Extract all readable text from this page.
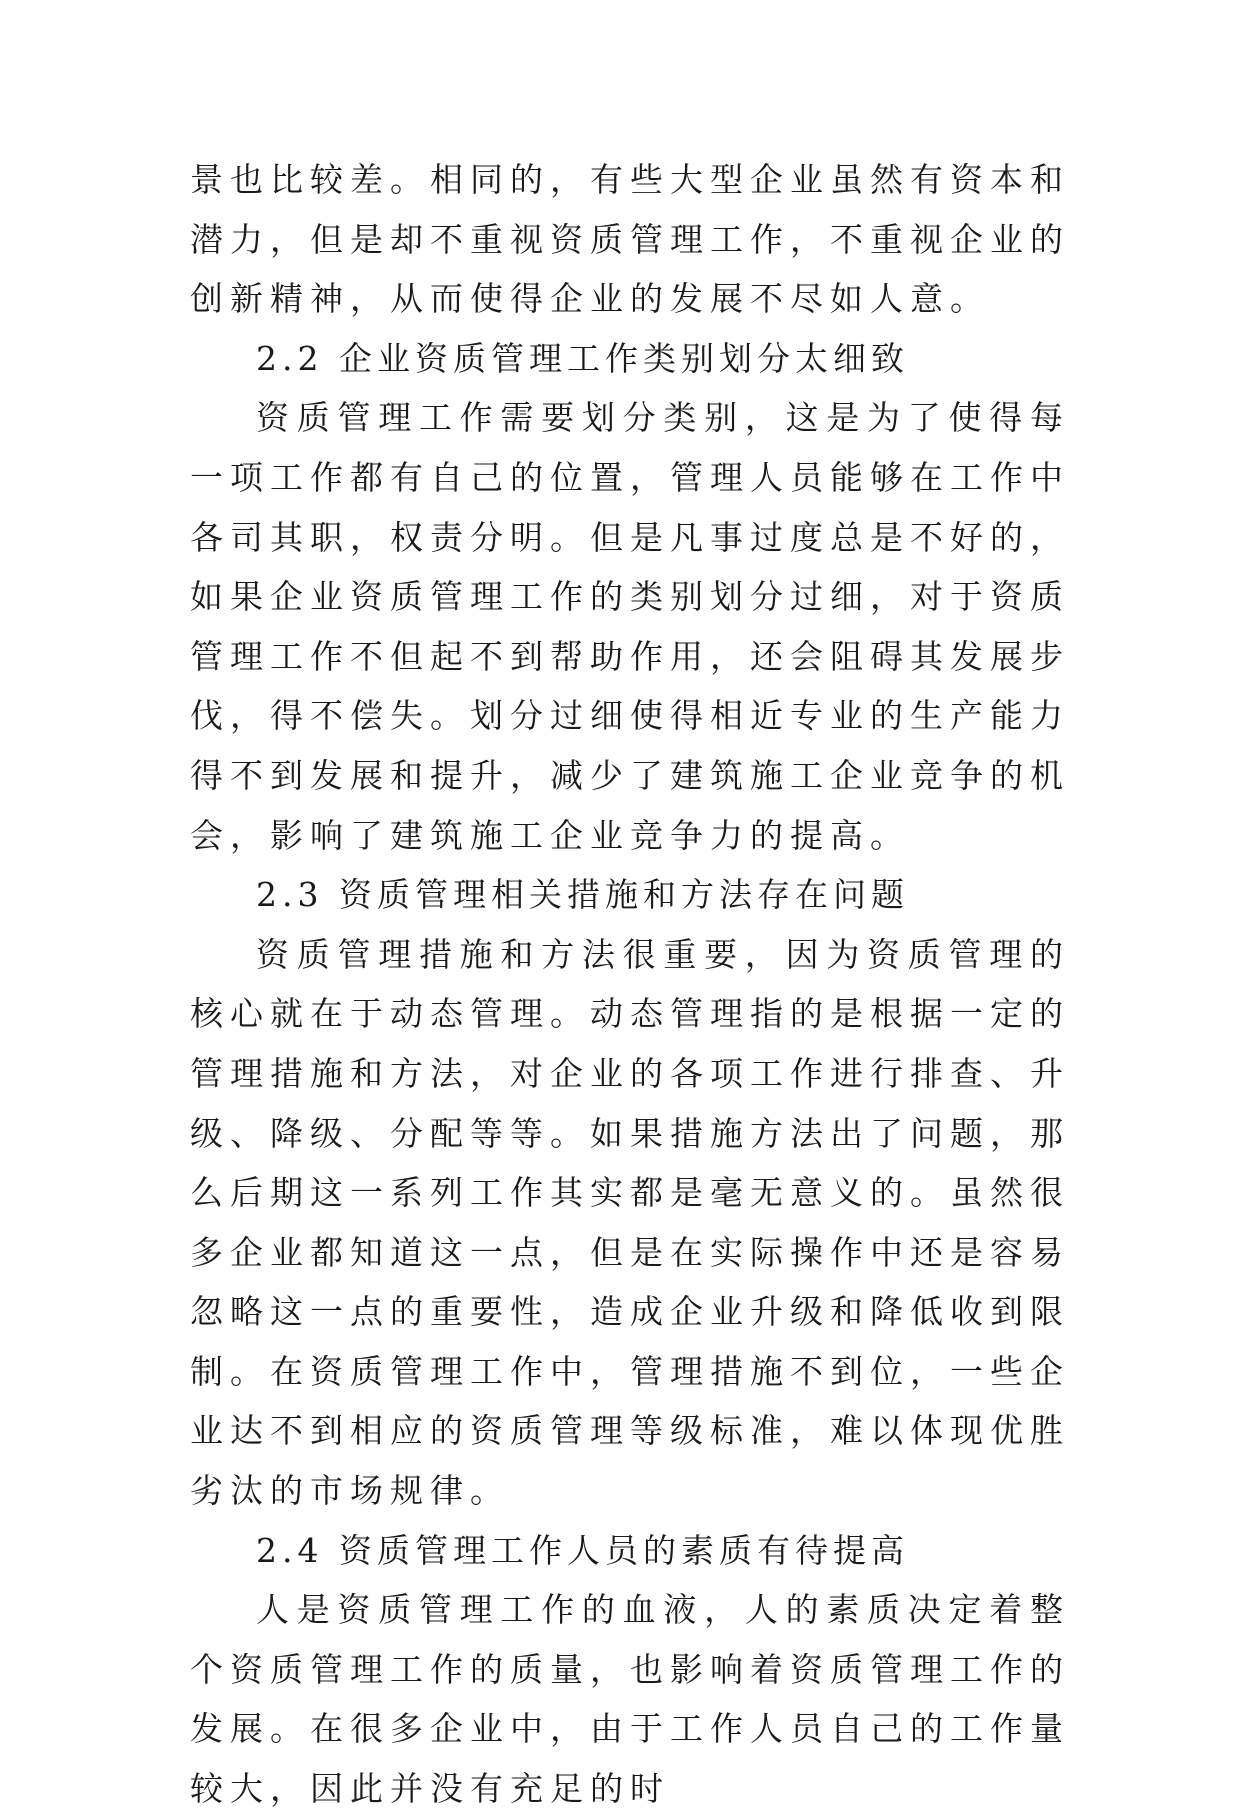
景也比较差。相同的，有些大型企业虽然有资本和潜力，但是却不重视资质管理工作，不重视企业的创新精神，从而使得企业的发展不尽如人意。

2.2 企业资质管理工作类别划分太细致

资质管理工作需要划分类别，这是为了使得每一项工作都有自己的位置，管理人员能够在工作中各司其职，权责分明。但是凡事过度总是不好的，如果企业资质管理工作的类别划分过细，对于资质管理工作不但起不到帮助作用，还会阻碍其发展步伐，得不偿失。划分过细使得相近专业的生产能力得不到发展和提升，减少了建筑施工企业竞争的机会，影响了建筑施工企业竞争力的提高。

2.3 资质管理相关措施和方法存在问题

资质管理措施和方法很重要，因为资质管理的核心就在于动态管理。动态管理指的是根据一定的管理措施和方法，对企业的各项工作进行排查、升级、降级、分配等等。如果措施方法出了问题，那么后期这一系列工作其实都是毫无意义的。虽然很多企业都知道这一点，但是在实际操作中还是容易忽略这一点的重要性，造成企业升级和降低收到限制。在资质管理工作中，管理措施不到位，一些企业达不到相应的资质管理等级标准，难以体现优胜劣汰的市场规律。

2.4 资质管理工作人员的素质有待提高

人是资质管理工作的血液，人的素质决定着整个资质管理工作的质量，也影响着资质管理工作的发展。在很多企业中，由于工作人员自己的工作量较大，因此并没有充足的时
